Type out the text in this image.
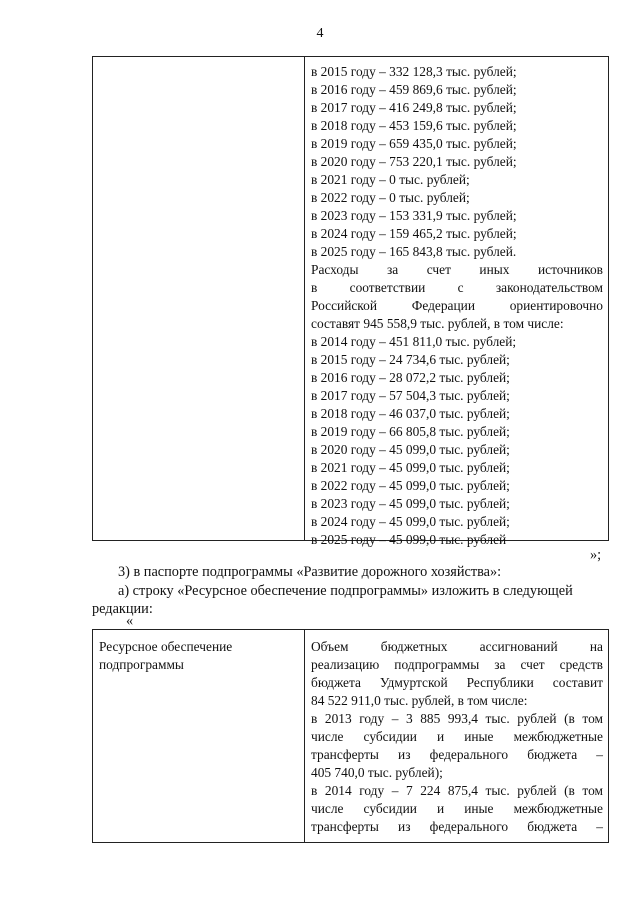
4
в 2015 году – 332 128,3 тыс. рублей;
в 2016 году – 459 869,6 тыс. рублей;
в 2017 году – 416 249,8 тыс. рублей;
в 2018 году – 453 159,6 тыс. рублей;
в 2019 году – 659 435,0 тыс. рублей;
в 2020 году – 753 220,1 тыс. рублей;
в 2021 году – 0 тыс. рублей;
в 2022 году – 0 тыс. рублей;
в 2023 году – 153 331,9 тыс. рублей;
в 2024 году – 159 465,2 тыс. рублей;
в 2025 году – 165 843,8 тыс. рублей.
Расходы за счет иных источников
в соответствии с законодательством
Российской Федерации ориентировочно
составят 945 558,9 тыс. рублей, в том числе:
в 2014 году – 451 811,0 тыс. рублей;
в 2015 году – 24 734,6 тыс. рублей;
в 2016 году – 28 072,2 тыс. рублей;
в 2017 году – 57 504,3 тыс. рублей;
в 2018 году – 46 037,0 тыс. рублей;
в 2019 году – 66 805,8 тыс. рублей;
в 2020 году – 45 099,0 тыс. рублей;
в 2021 году – 45 099,0 тыс. рублей;
в 2022 году – 45 099,0 тыс. рублей;
в 2023 году – 45 099,0 тыс. рублей;
в 2024 году – 45 099,0 тыс. рублей;
в 2025 году – 45 099,0 тыс. рублей
»;
3) в паспорте подпрограммы «Развитие дорожного хозяйства»:
а) строку «Ресурсное обеспечение подпрограммы» изложить в следующей
редакции:
«
Ресурсное обеспечение
подпрограммы
Объем бюджетных ассигнований на
реализацию подпрограммы за счет средств
бюджета Удмуртской Республики составит
84 522 911,0 тыс. рублей, в том числе:
в 2013 году – 3 885 993,4 тыс. рублей (в том
числе субсидии и иные межбюджетные
трансферты из федерального бюджета –
405 740,0 тыс. рублей);
в 2014 году – 7 224 875,4 тыс. рублей (в том
числе субсидии и иные межбюджетные
трансферты из федерального бюджета –
